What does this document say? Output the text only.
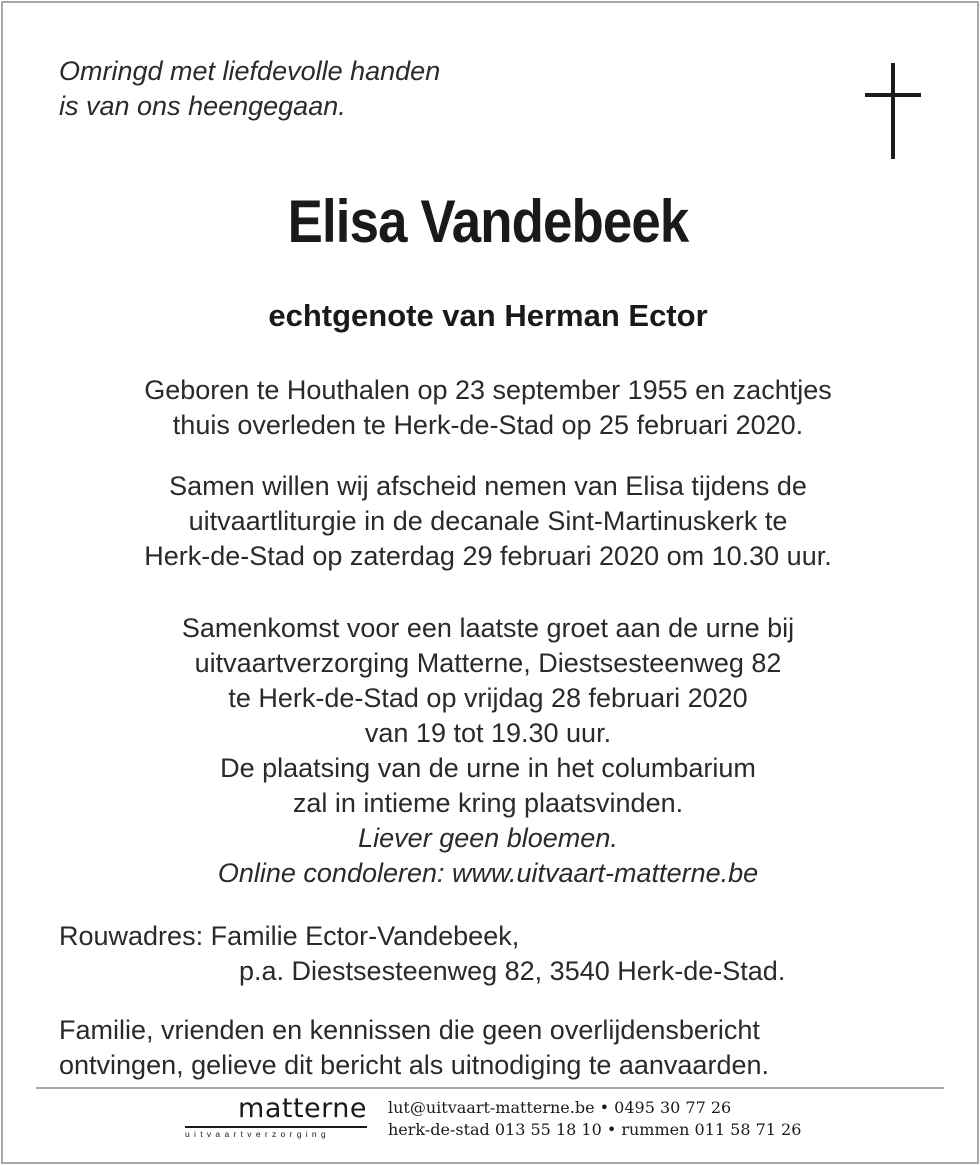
Omringd met liefdevolle handen
is van ons heengegaan.
Elisa Vandebeek
echtgenote van Herman Ector
Geboren te Houthalen op 23 september 1955 en zachtjes
thuis overleden te Herk-de-Stad op 25 februari 2020.
Samen willen wij afscheid nemen van Elisa tijdens de
uitvaartliturgie in de decanale Sint-Martinuskerk te
Herk-de-Stad op zaterdag 29 februari 2020 om 10.30 uur.
Samenkomst voor een laatste groet aan de urne bij
uitvaartverzorging Matterne, Diestsesteenweg 82
te Herk-de-Stad op vrijdag 28 februari 2020
van 19 tot 19.30 uur.
De plaatsing van de urne in het columbarium
zal in intieme kring plaatsvinden.
Liever geen bloemen.
Online condoleren: www.uitvaart-matterne.be
Rouwadres: Familie Ector-Vandebeek,
p.a. Diestsesteenweg 82, 3540 Herk-de-Stad.
Familie, vrienden en kennissen die geen overlijdensbericht
ontvingen, gelieve dit bericht als uitnodiging te aanvaarden.
matterne
uitvaartverzorging
lut@uitvaart-matterne.be • 0495 30 77 26
herk-de-stad 013 55 18 10 • rummen 011 58 71 26
